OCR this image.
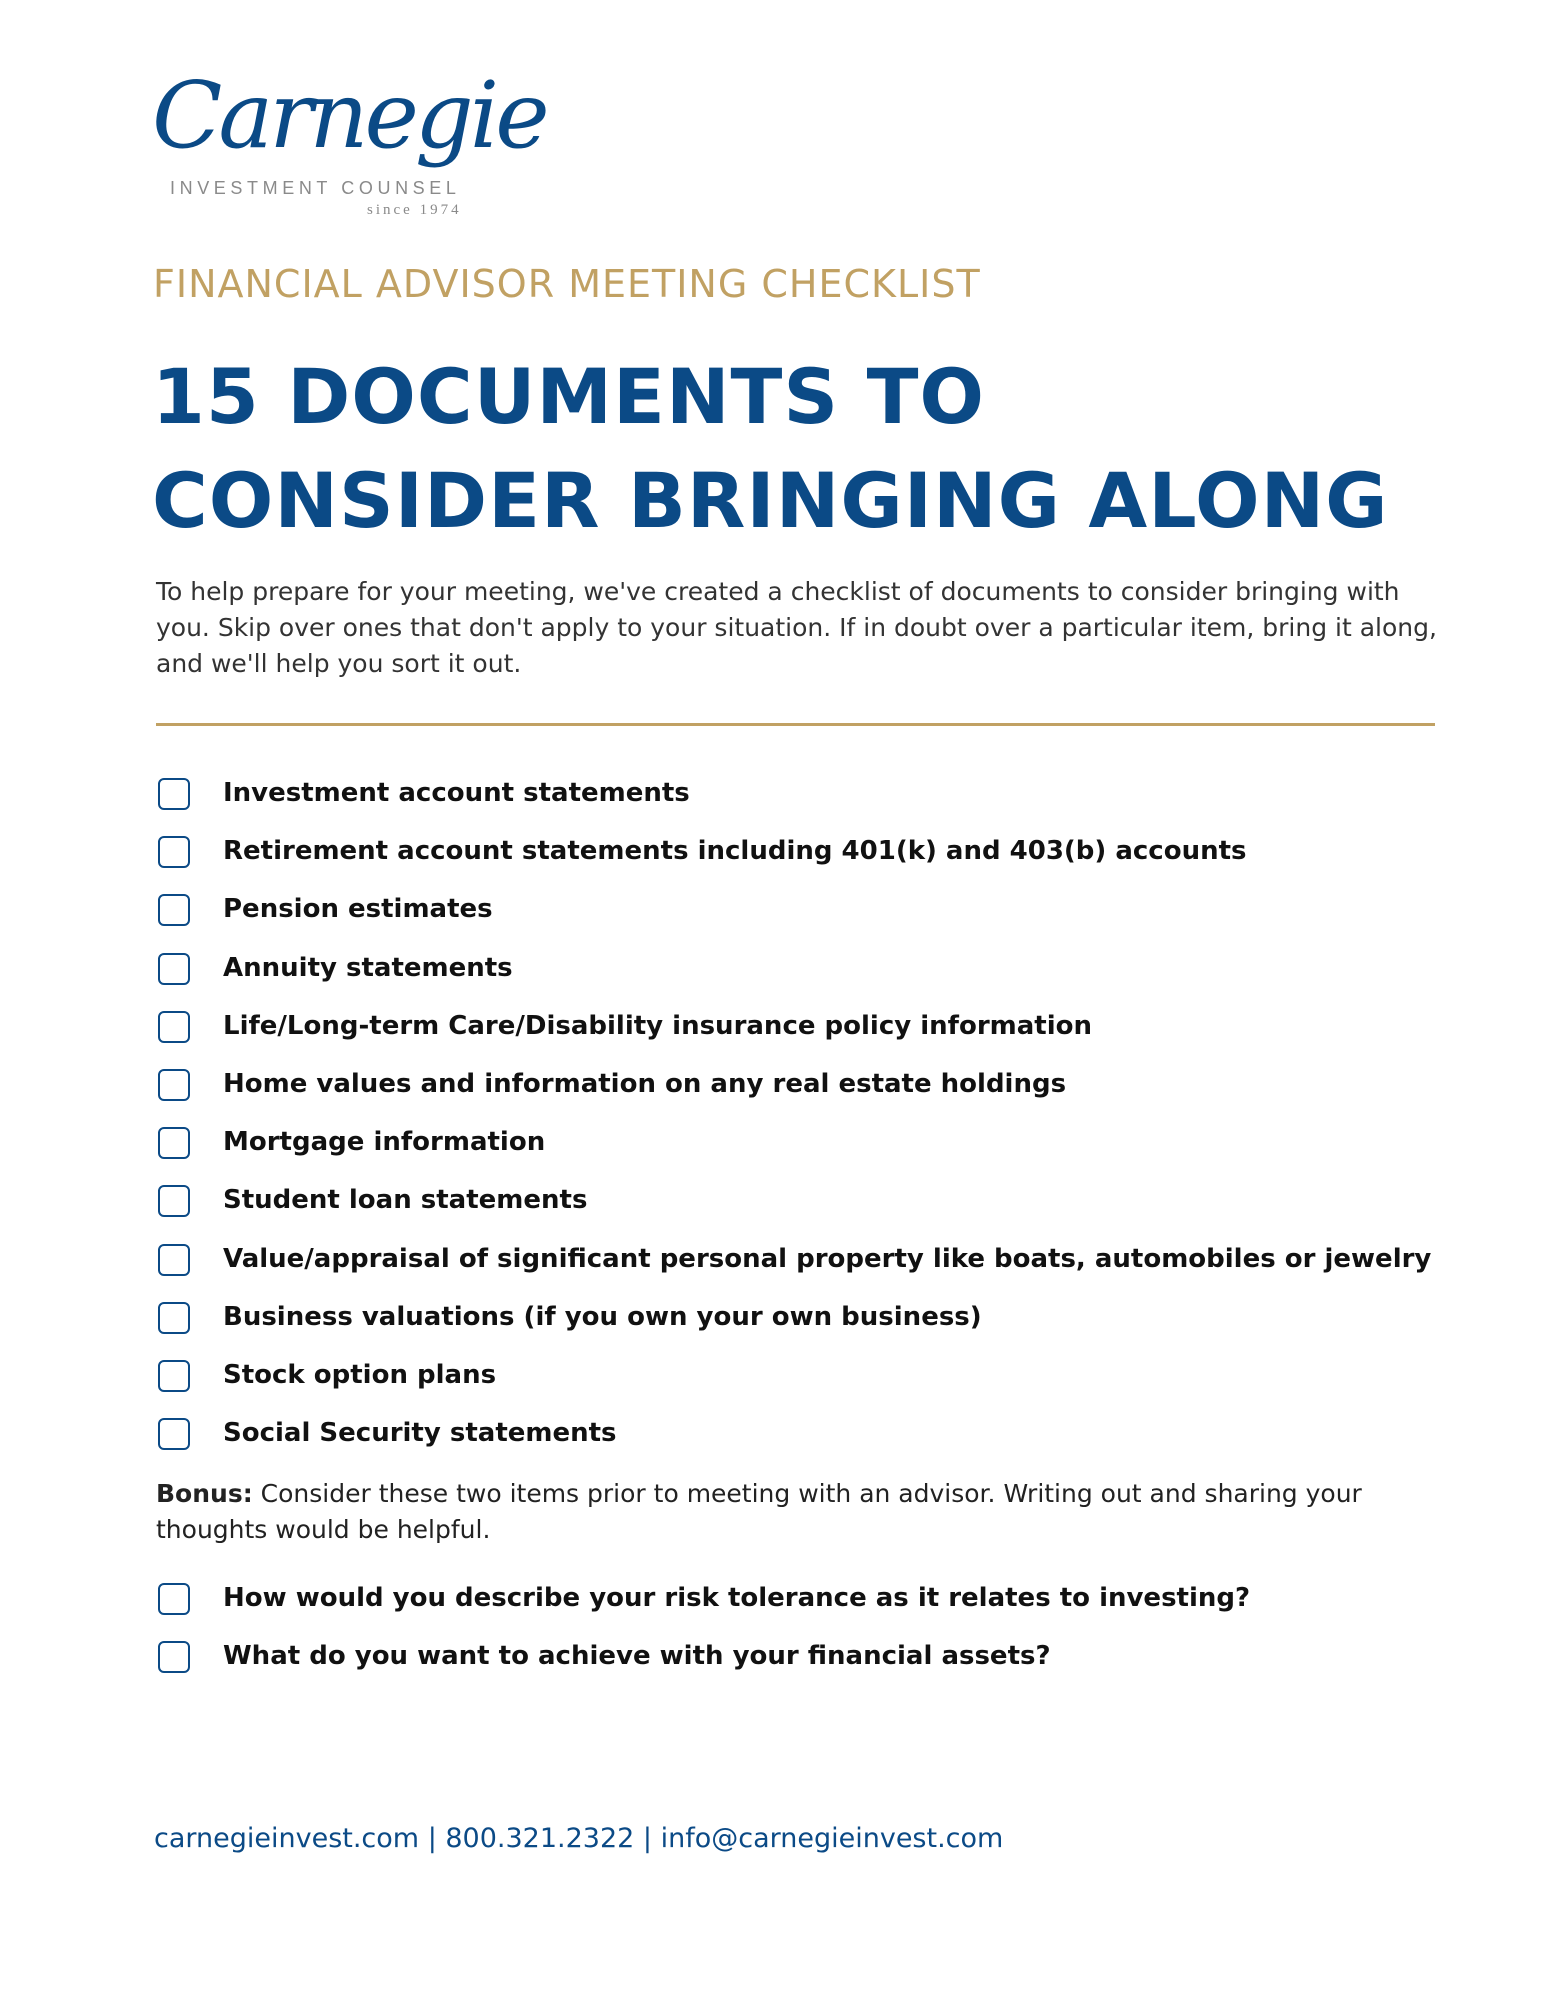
Carnegie
INVESTMENT COUNSEL
since 1974
FINANCIAL ADVISOR MEETING CHECKLIST
15 DOCUMENTS TO
CONSIDER BRINGING ALONG
To help prepare for your meeting, we've created a checklist of documents to consider bringing with you. Skip over ones that don't apply to your situation. If in doubt over a particular item, bring it along, and we'll help you sort it out.
Investment account statements
Retirement account statements including 401(k) and 403(b) accounts
Pension estimates
Annuity statements
Life/Long-term Care/Disability insurance policy information
Home values and information on any real estate holdings
Mortgage information
Student loan statements
Value/appraisal of significant personal property like boats, automobiles or jewelry
Business valuations (if you own your own business)
Stock option plans
Social Security statements
Bonus: Consider these two items prior to meeting with an advisor. Writing out and sharing your thoughts would be helpful.
How would you describe your risk tolerance as it relates to investing?
What do you want to achieve with your financial assets?
carnegieinvest.com | 800.321.2322 | info@carnegieinvest.com
